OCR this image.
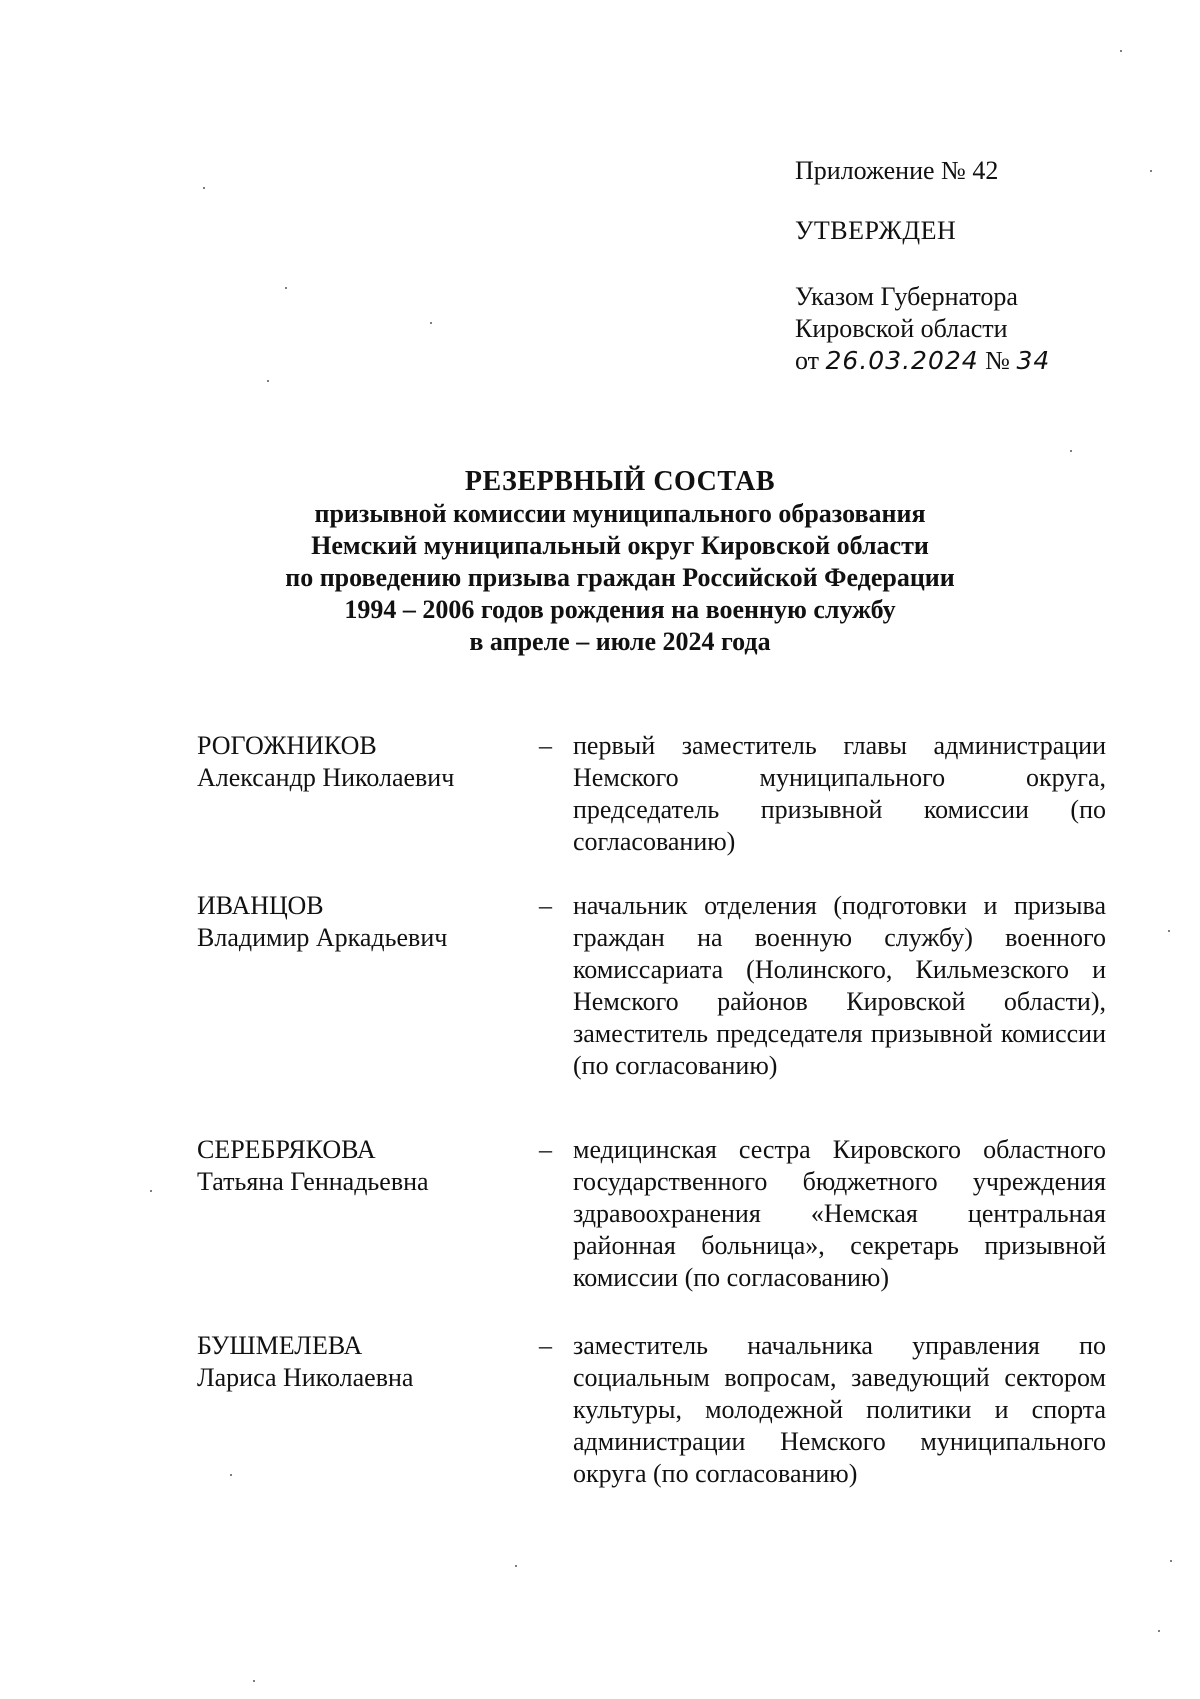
Приложение № 42
УТВЕРЖДЕН
Указом Губернатора
Кировской области
от 26.03.2024 № 34
РЕЗЕРВНЫЙ СОСТАВ
призывной комиссии муниципального образования
Немский муниципальный округ Кировской области
по проведению призыва граждан Российской Федерации
1994 – 2006 годов рождения на военную службу
в апреле – июле 2024 года
РОГОЖНИКОВ
Александр Николаевич
– первый заместитель главы администрации Немского муниципального округа, председатель призывной комиссии (по согласованию)
ИВАНЦОВ
Владимир Аркадьевич
– начальник отделения (подготовки и призыва граждан на военную службу) военного комиссариата (Нолинского, Кильмезского и Немского районов Кировской области), заместитель председателя призывной комиссии (по согласованию)
СЕРЕБРЯКОВА
Татьяна Геннадьевна
– медицинская сестра Кировского областного государственного бюджетного учреждения здравоохранения «Немская центральная районная больница», секретарь призывной комиссии (по согласованию)
БУШМЕЛЕВА
Лариса Николаевна
– заместитель начальника управления по социальным вопросам, заведующий сектором культуры, молодежной политики и спорта администрации Немского муниципального округа (по согласованию)
